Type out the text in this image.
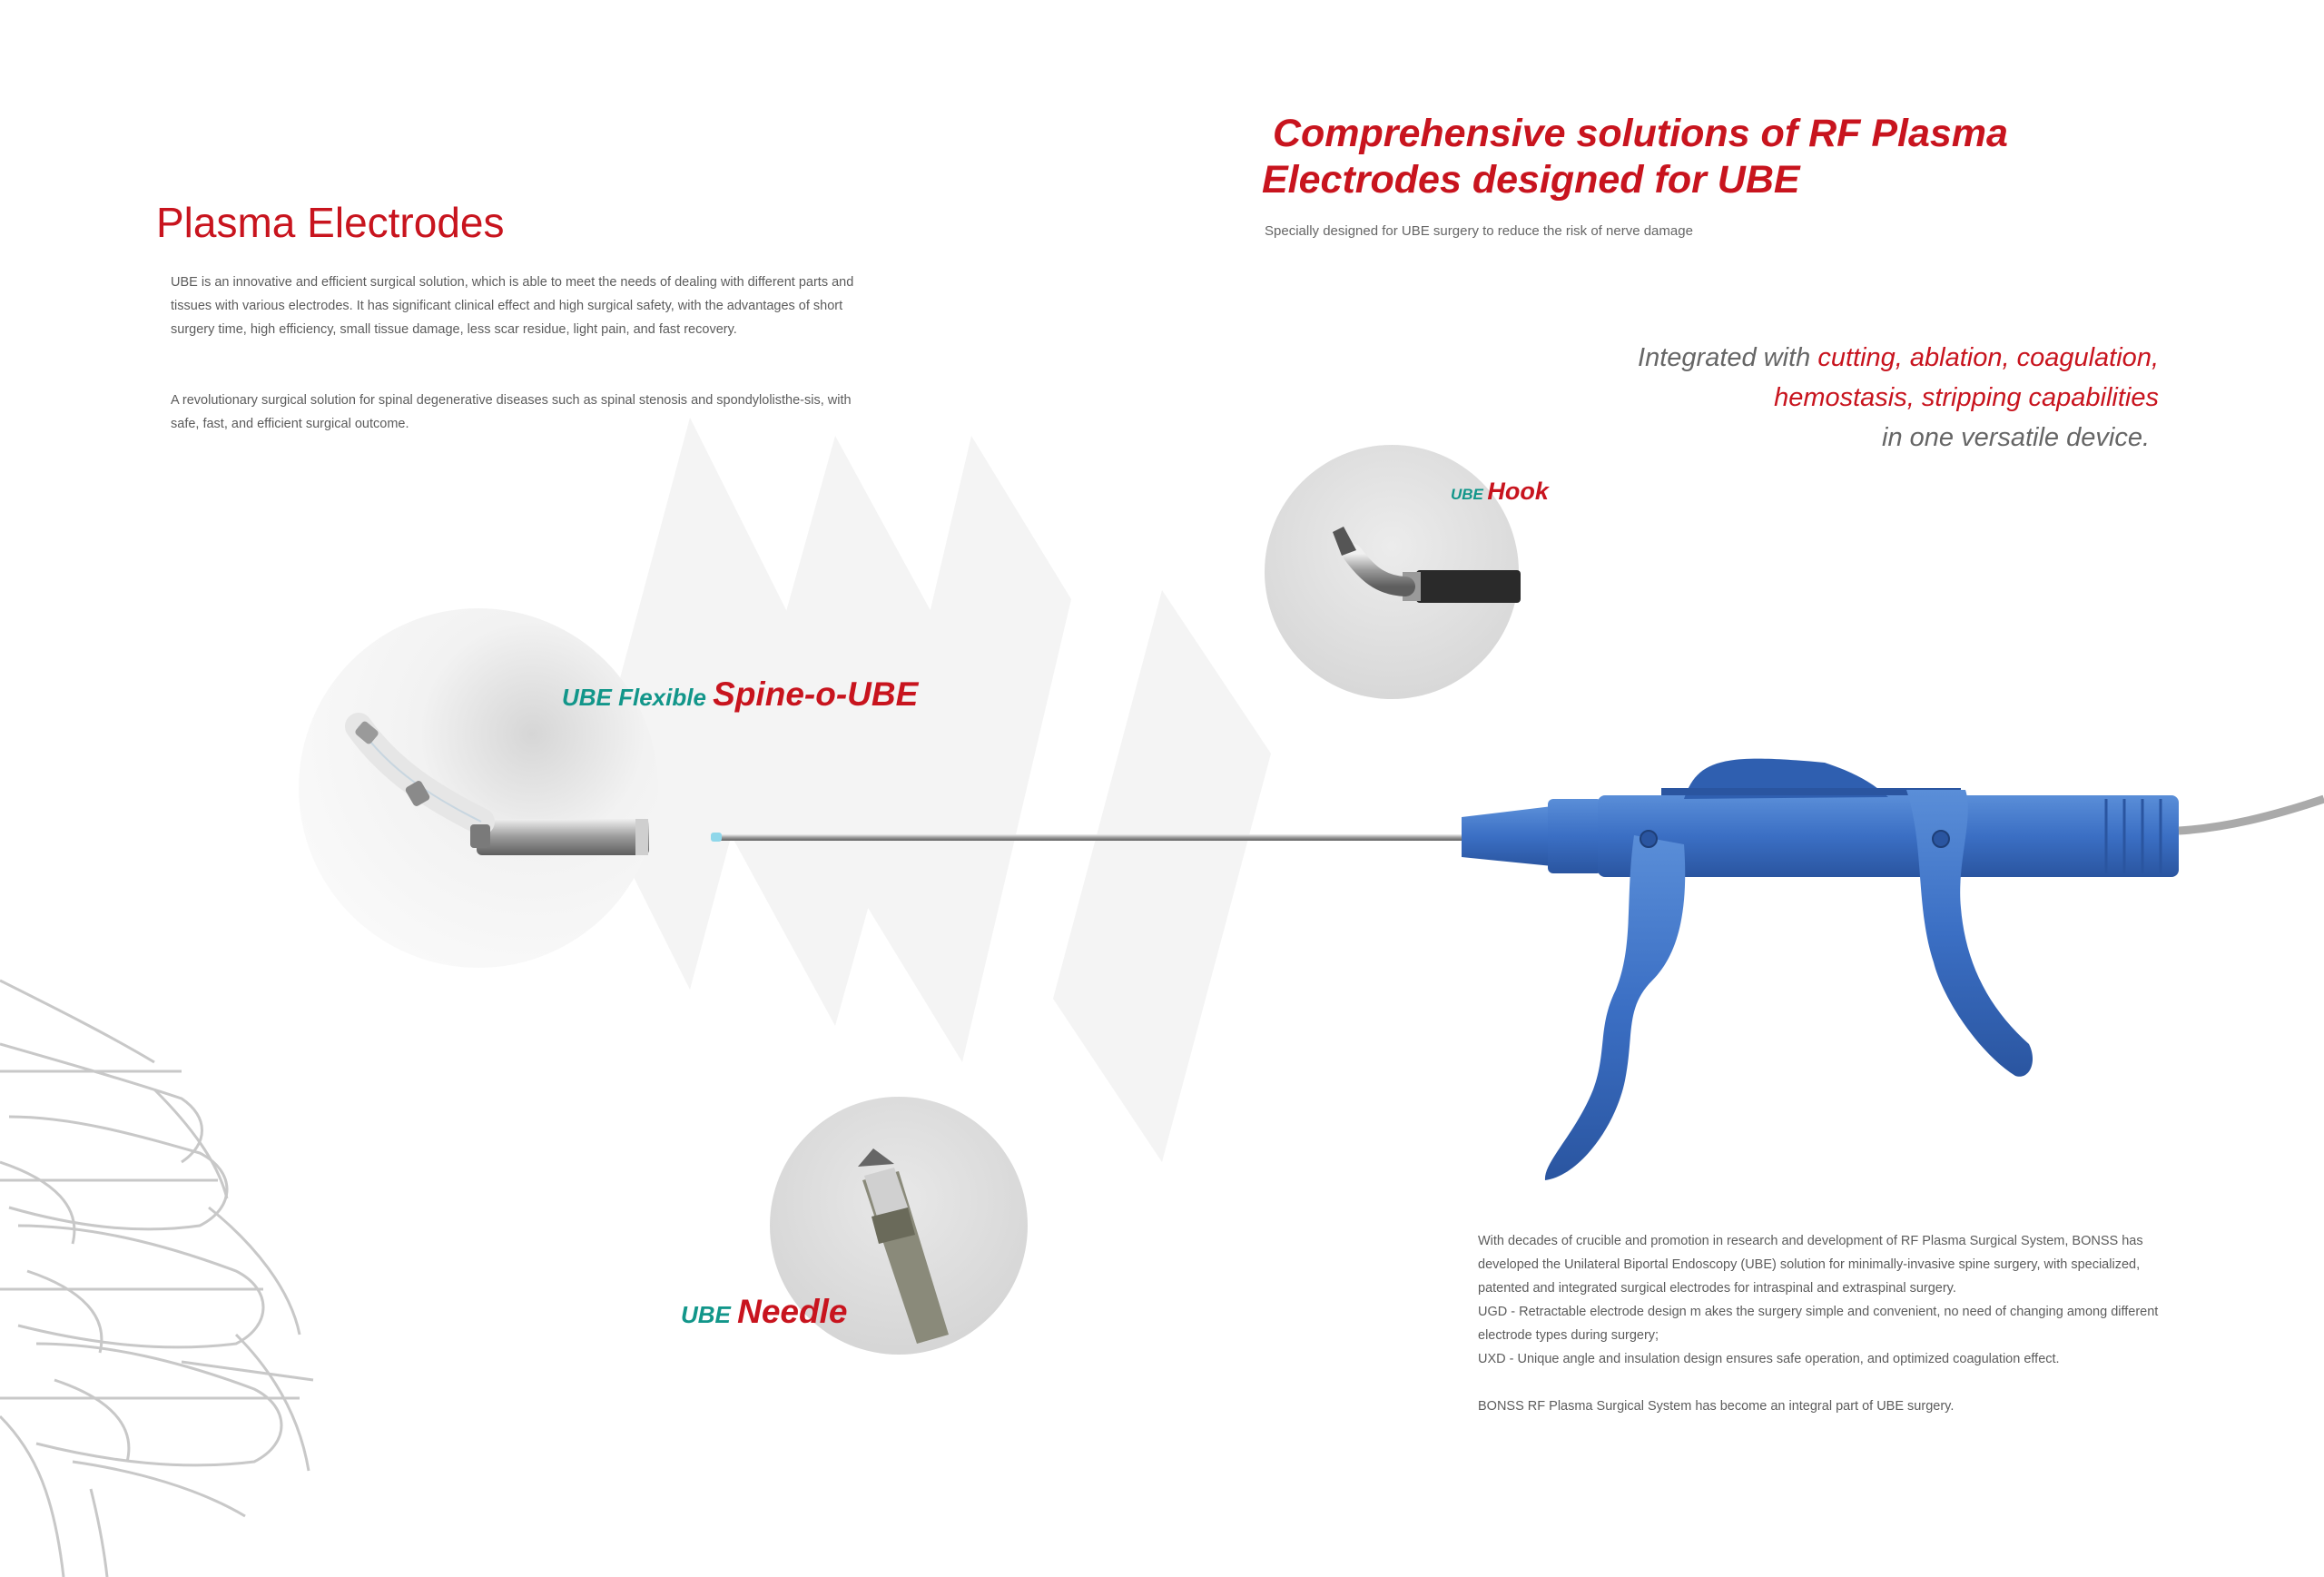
Plasma Electrodes

UBE is an innovative and efficient surgical solution, which is able to meet the needs of dealing with different parts and tissues with various electrodes. It has significant clinical effect and high surgical safety, with the advantages of short surgery time, high efficiency, small tissue damage, less scar residue, light pain, and fast recovery.

A revolutionary surgical solution for spinal degenerative diseases such as spinal stenosis and spondylolisthe-sis, with safe, fast, and efficient surgical outcome.

Comprehensive solutions of RF Plasma
Electrodes designed for UBE
Specially designed for UBE surgery to reduce the risk of nerve damage
Integrated with cutting, ablation, coagulation,
hemostasis, stripping capabilities
in one versatile device.
UBE Hook
UBE Flexible Spine-o-UBE
UBE Needle

With decades of crucible and promotion in research and development of RF Plasma Surgical System, BONSS has developed the Unilateral Biportal Endoscopy (UBE) solution for minimally-invasive spine surgery, with specialized, patented and integrated surgical electrodes for intraspinal and extraspinal surgery.

UGD - Retractable electrode design m akes the surgery simple and convenient, no need of changing among different electrode types during surgery;

UXD - Unique angle and insulation design ensures safe operation, and optimized coagulation effect.

BONSS RF Plasma Surgical System has become an integral part of UBE surgery.
